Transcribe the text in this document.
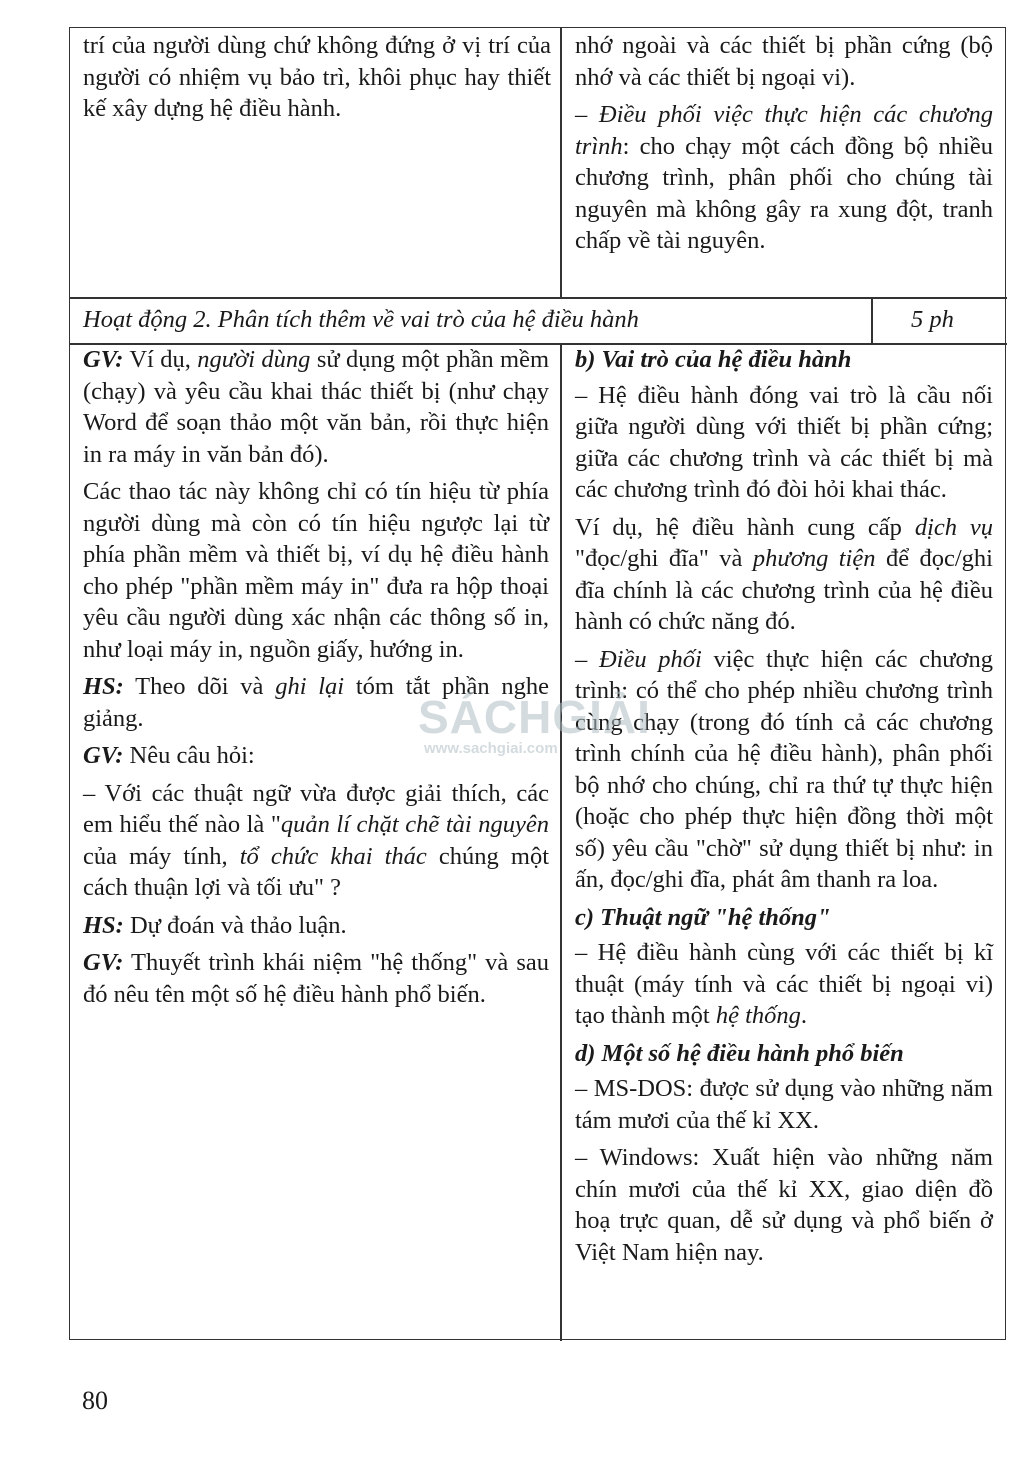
trí của người dùng chứ không đứng ở vị trí của người có nhiệm vụ bảo trì, khôi phục hay thiết kế xây dựng hệ điều hành.

nhớ ngoài và các thiết bị phần cứng (bộ nhớ và các thiết bị ngoại vi).

– Điều phối việc thực hiện các chương trình: cho chạy một cách đồng bộ nhiều chương trình, phân phối cho chúng tài nguyên mà không gây ra xung đột, tranh chấp về tài nguyên.

Hoạt động 2. Phân tích thêm về vai trò của hệ điều hành	5 ph

GV: Ví dụ, người dùng sử dụng một phần mềm (chạy) và yêu cầu khai thác thiết bị (như chạy Word để soạn thảo một văn bản, rồi thực hiện in ra máy in văn bản đó).

Các thao tác này không chỉ có tín hiệu từ phía người dùng mà còn có tín hiệu ngược lại từ phía phần mềm và thiết bị, ví dụ hệ điều hành cho phép "phần mềm máy in" đưa ra hộp thoại yêu cầu người dùng xác nhận các thông số in, như loại máy in, nguồn giấy, hướng in.

HS: Theo dõi và ghi lại tóm tắt phần nghe giảng.

GV: Nêu câu hỏi:

– Với các thuật ngữ vừa được giải thích, các em hiểu thế nào là "quản lí chặt chẽ tài nguyên của máy tính, tổ chức khai thác chúng một cách thuận lợi và tối ưu" ?

HS: Dự đoán và thảo luận.

GV: Thuyết trình khái niệm "hệ thống" và sau đó nêu tên một số hệ điều hành phổ biến.

b) Vai trò của hệ điều hành

– Hệ điều hành đóng vai trò là cầu nối giữa người dùng với thiết bị phần cứng; giữa các chương trình và các thiết bị mà các chương trình đó đòi hỏi khai thác.

Ví dụ, hệ điều hành cung cấp dịch vụ "đọc/ghi đĩa" và phương tiện để đọc/ghi đĩa chính là các chương trình của hệ điều hành có chức năng đó.

– Điều phối việc thực hiện các chương trình: có thể cho phép nhiều chương trình cùng chạy (trong đó tính cả các chương trình chính của hệ điều hành), phân phối bộ nhớ cho chúng, chỉ ra thứ tự thực hiện (hoặc cho phép thực hiện đồng thời một số) yêu cầu "chờ" sử dụng thiết bị như: in ấn, đọc/ghi đĩa, phát âm thanh ra loa.

c) Thuật ngữ "hệ thống"

– Hệ điều hành cùng với các thiết bị kĩ thuật (máy tính và các thiết bị ngoại vi) tạo thành một hệ thống.

d) Một số hệ điều hành phổ biến

– MS-DOS: được sử dụng vào những năm tám mươi của thế kỉ XX.

– Windows: Xuất hiện vào những năm chín mươi của thế kỉ XX, giao diện đồ hoạ trực quan, dễ sử dụng và phổ biến ở Việt Nam hiện nay.

SÁCHGIẢI
www.sachgiai.com
80
